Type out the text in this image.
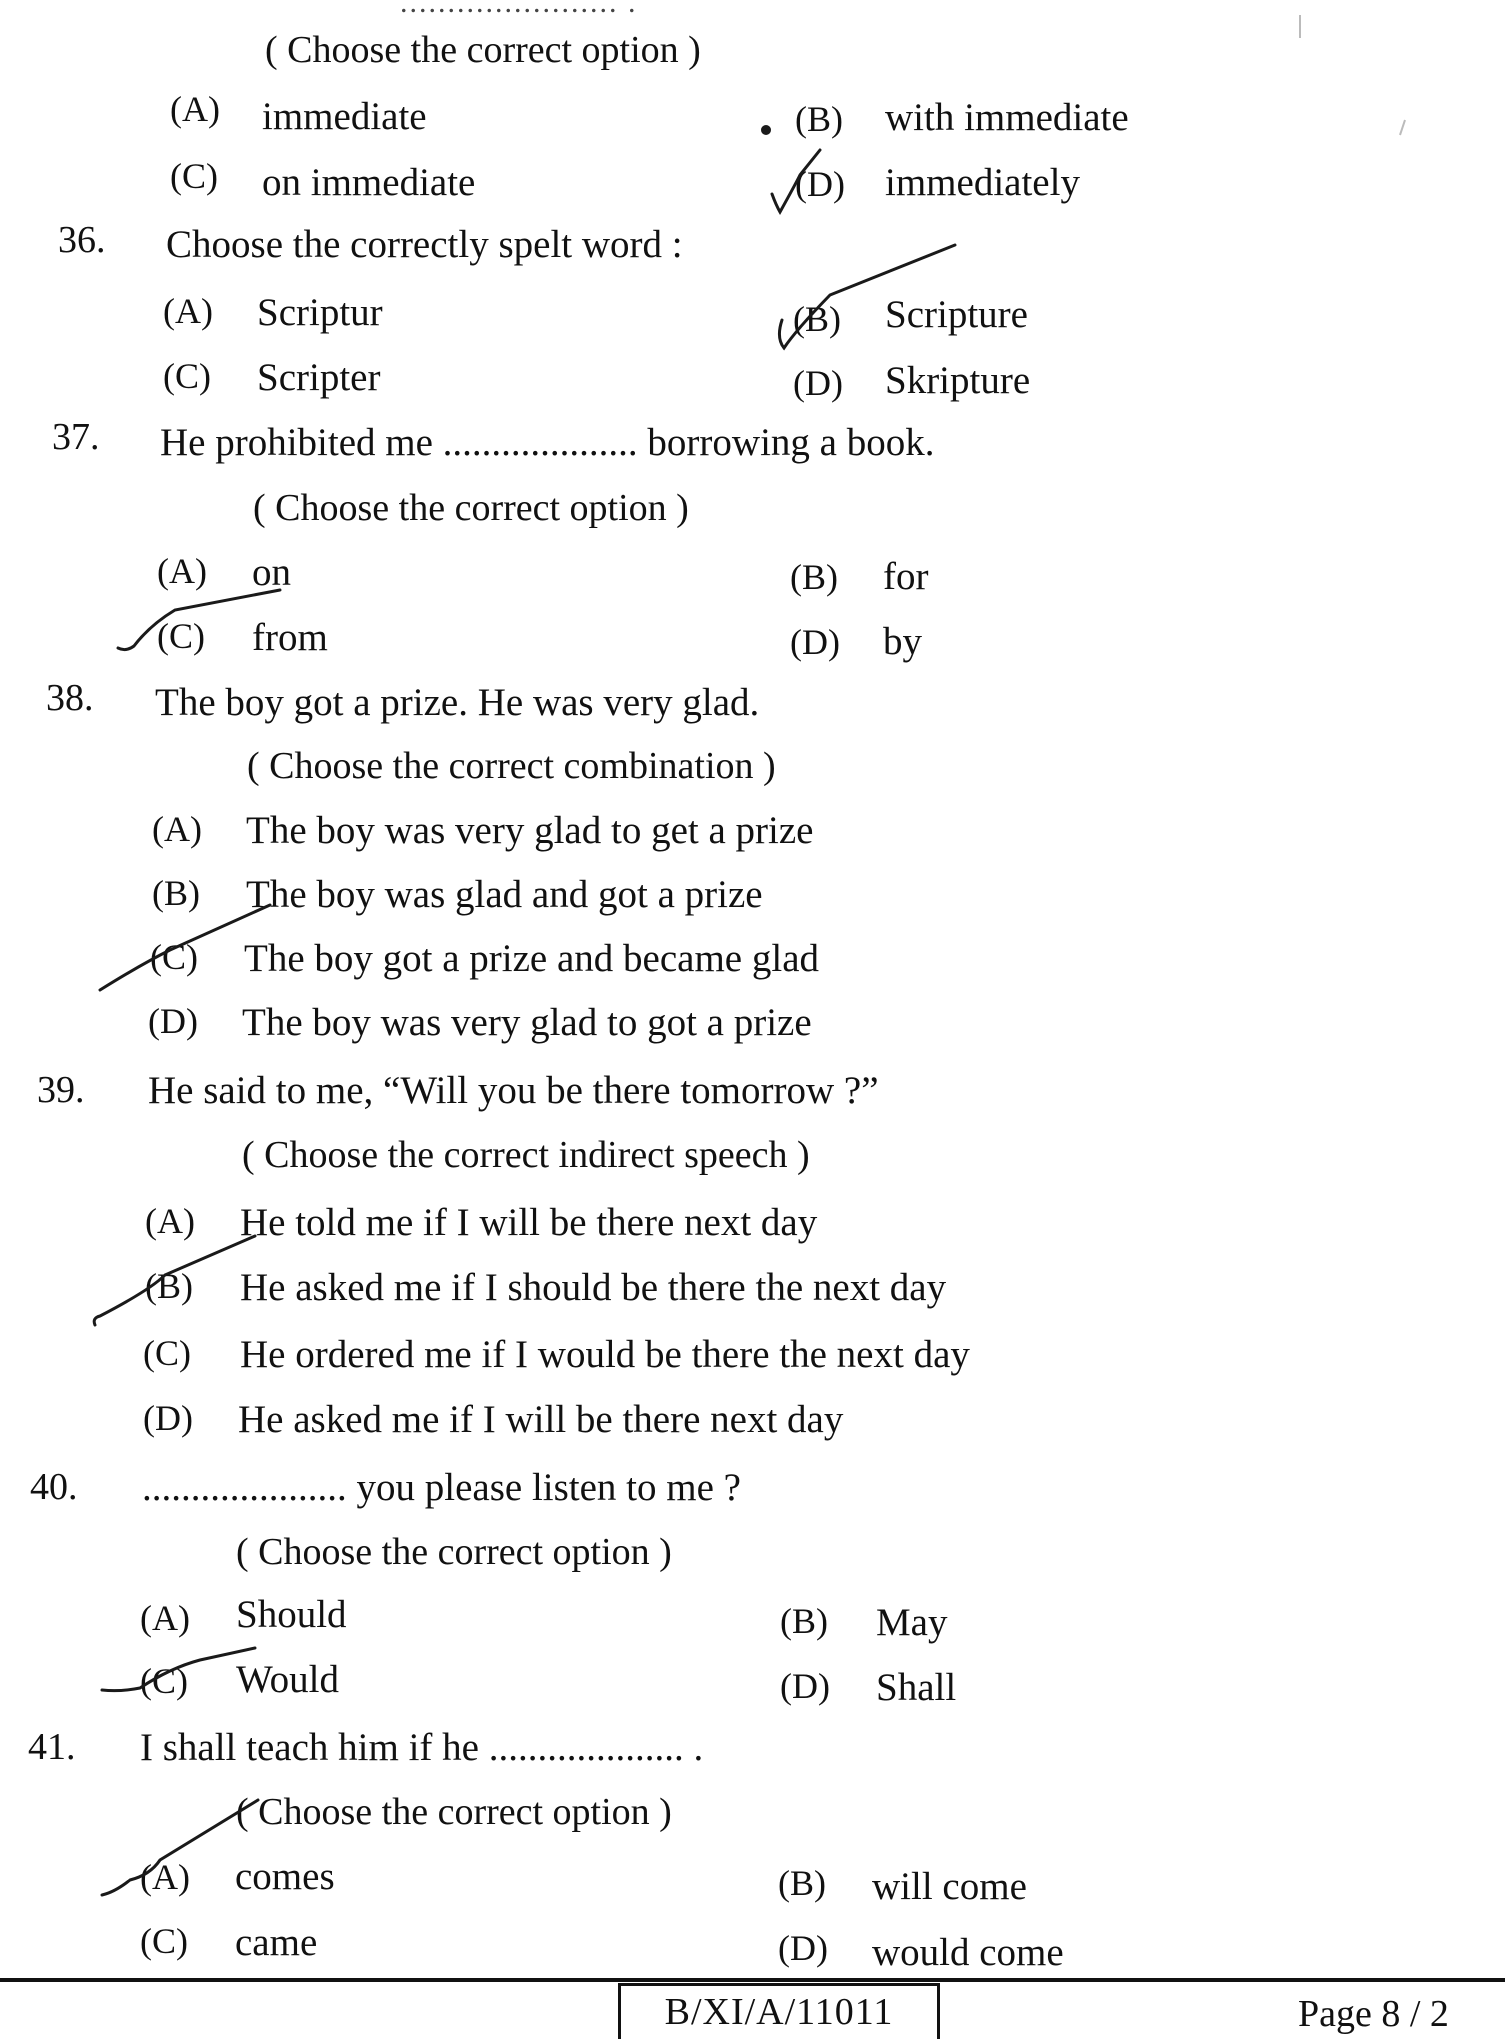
....................... .
( Choose the correct option )
(A) immediate	(B) with immediate
(C) on immediate	(D) immediately
36. Choose the correctly spelt word :
(A) Scriptur	(B) Scripture
(C) Scripter	(D) Skripture
37. He prohibited me .................... borrowing a book.
( Choose the correct option )
(A) on	(B) for
(C) from	(D) by
38. The boy got a prize. He was very glad.
( Choose the correct combination )
(A) The boy was very glad to get a prize
(B) The boy was glad and got a prize
(C) The boy got a prize and became glad
(D) The boy was very glad to got a prize
39. He said to me, “Will you be there tomorrow ?”
( Choose the correct indirect speech )
(A) He told me if I will be there next day
(B) He asked me if I should be there the next day
(C) He ordered me if I would be there the next day
(D) He asked me if I will be there next day
40. ..................... you please listen to me ?
( Choose the correct option )
(A) Should	(B) May
(C) Would	(D) Shall
41. I shall teach him if he .................... .
( Choose the correct option )
(A) comes	(B) will come
(C) came	(D) would come
B/XI/A/11011	Page 8 / 2
